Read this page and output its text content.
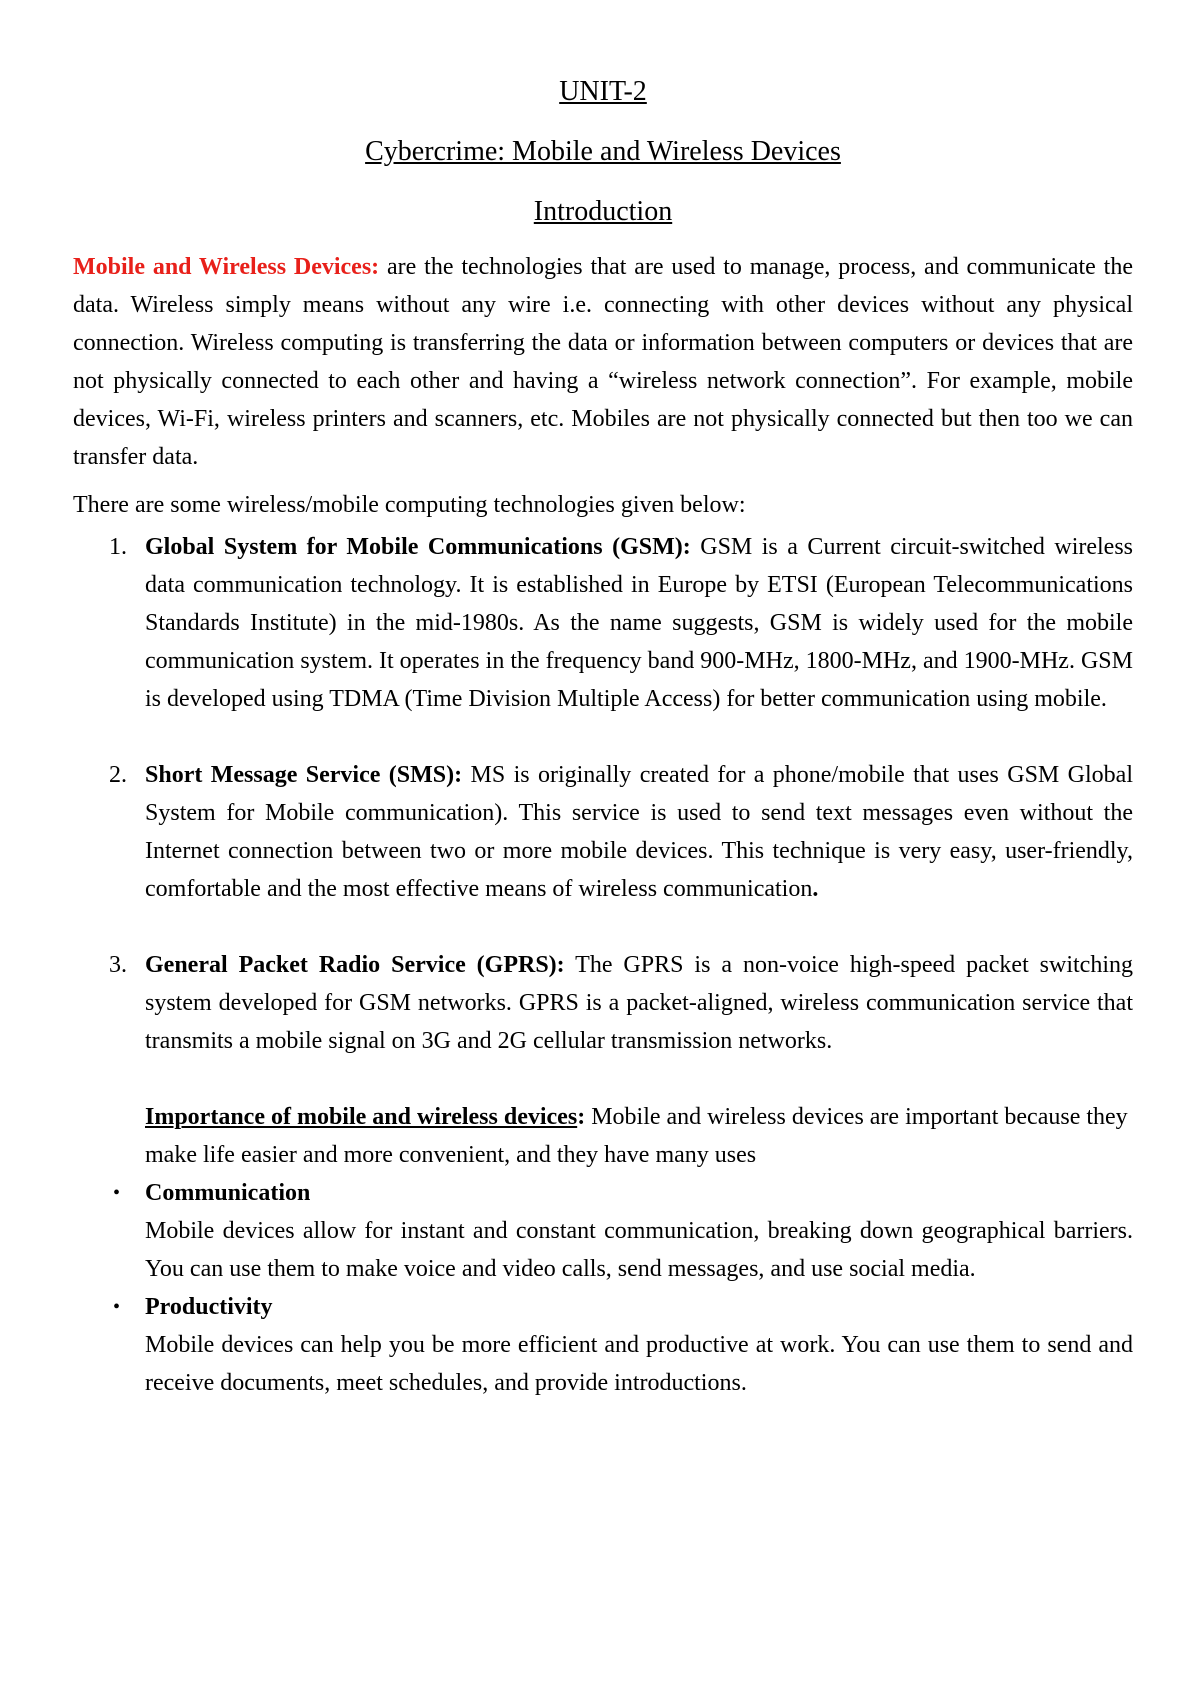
UNIT-2
Cybercrime: Mobile and Wireless Devices
Introduction

Mobile and Wireless Devices: are the technologies that are used to manage, process, and communicate the data. Wireless simply means without any wire i.e. connecting with other devices without any physical connection. Wireless computing is transferring the data or information between computers or devices that are not physically connected to each other and having a “wireless network connection”. For example, mobile devices, Wi-Fi, wireless printers and scanners, etc. Mobiles are not physically connected but then too we can transfer data.

There are some wireless/mobile computing technologies given below:

1. Global System for Mobile Communications (GSM): GSM is a Current circuit-switched wireless data communication technology. It is established in Europe by ETSI (European Telecommunications Standards Institute) in the mid-1980s. As the name suggests, GSM is widely used for the mobile communication system. It operates in the frequency band 900-MHz, 1800-MHz, and 1900-MHz. GSM is developed using TDMA (Time Division Multiple Access) for better communication using mobile.
2. Short Message Service (SMS): MS is originally created for a phone/mobile that uses GSM Global System for Mobile communication). This service is used to send text messages even without the Internet connection between two or more mobile devices. This technique is very easy, user-friendly, comfortable and the most effective means of wireless communication.
3. General Packet Radio Service (GPRS): The GPRS is a non-voice high-speed packet switching system developed for GSM networks. GPRS is a packet-aligned, wireless communication service that transmits a mobile signal on 3G and 2G cellular transmission networks.

Importance of mobile and wireless devices: Mobile and wireless devices are important because they make life easier and more convenient, and they have many uses

• Communication
Mobile devices allow for instant and constant communication, breaking down geographical barriers. You can use them to make voice and video calls, send messages, and use social media.
• Productivity
Mobile devices can help you be more efficient and productive at work. You can use them to send and receive documents, meet schedules, and provide introductions.
